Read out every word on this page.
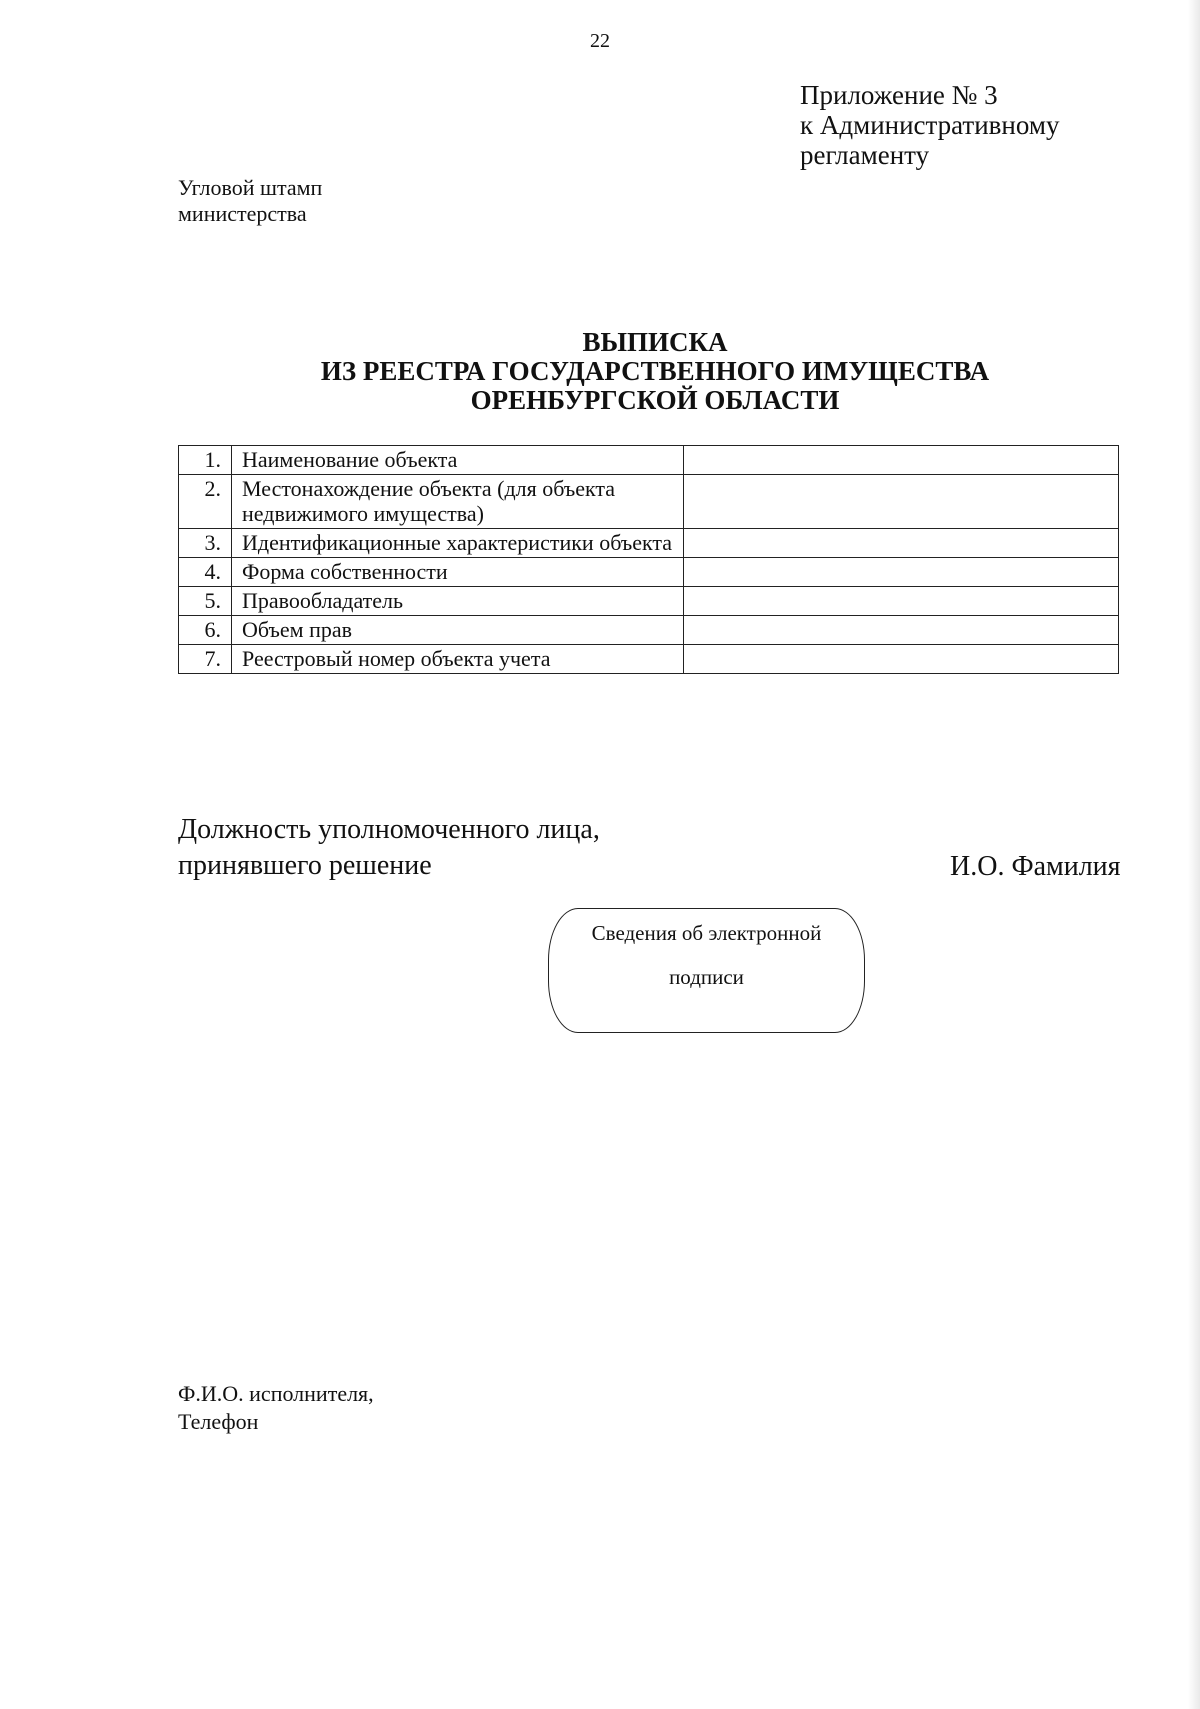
22
Приложение № 3
к Административному
регламенту
Угловой штамп
министерства
ВЫПИСКА
ИЗ РЕЕСТРА ГОСУДАРСТВЕННОГО ИМУЩЕСТВА
ОРЕНБУРГСКОЙ ОБЛАСТИ
1.	Наименование объекта	
2.	Местонахождение объекта (для объекта недвижимого имущества)	
3.	Идентификационные характеристики объекта	
4.	Форма собственности	
5.	Правообладатель	
6.	Объем прав	
7.	Реестровый номер объекта учета	
Должность уполномоченного лица,
принявшего решение	И.О. Фамилия
Сведения об электронной
подписи
Ф.И.О. исполнителя,
Телефон
